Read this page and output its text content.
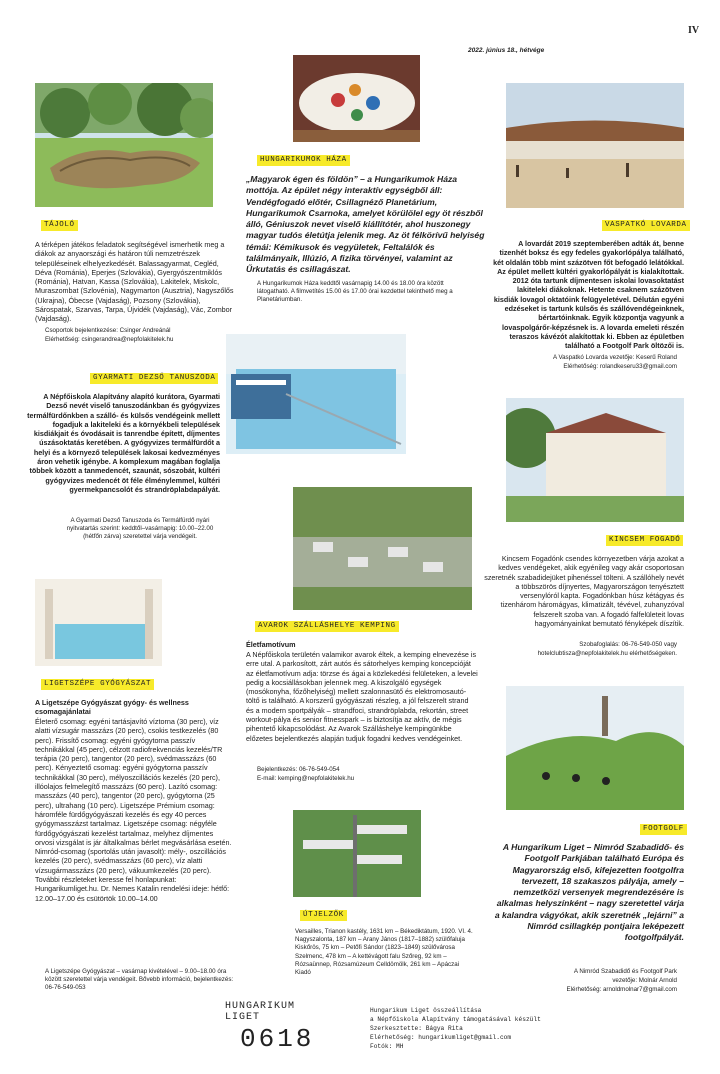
IV
2022. június 18., hétvége
TÁJOLÓ
A térképen játékos feladatok segítségével ismerhetik meg a diákok az anyaországi és határon túli nemzetrészek településeinek elhelyezkedését. Balassagyarmat, Cegléd, Déva (Románia), Eperjes (Szlovákia), Gyergyószentmiklós (Románia), Hatvan, Kassa (Szlovákia), Lakitelek, Miskolc, Muraszombat (Szlovénia), Nagymarton (Ausztria), Nagyszőlős (Ukrajna), Óbecse (Vajdaság), Pozsony (Szlovákia), Sárospatak, Szarvas, Tarpa, Újvidék (Vajdaság), Vác, Zombor (Vajdaság).
Csoportok bejelentkezése: Csinger Andreánál
Elérhetőség: csingerandrea@nepfolakitelek.hu
HUNGARIKUMOK HÁZA
„Magyarok égen és földön” – a Hungarikumok Háza mottója. Az épület négy interaktív egységből áll: Vendégfogadó előtér, Csillagnéző Planetárium, Hungarikumok Csarnoka, amelyet körülölel egy öt részből álló, Géniuszok nevet viselő kiállítótér, ahol huszonegy magyar tudós életútja jelenik meg. Az öt félkörívű helyiség témái: Kémikusok és vegyületek, Feltalálók és találmányaik, Illúzió, A fizika törvényei, valamint az Űrkutatás és csillagászat.
A Hungarikumok Háza keddtől vasárnapig 14.00 és 18.00 óra között látogatható. A filmvetítés 15.00 és 17.00 órai kezdettel tekinthető meg a Planetáriumban.
VASPATKÓ LOVARDA
A lovardát 2019 szeptemberében adták át, benne tizenhét boksz és egy fedeles gyakorlópálya található, két oldalán több mint százötven főt befogadó lelátókkal. Az épület mellett kültéri gyakorlópályát is kialakítottak. 2012 óta tartunk díjmentesen iskolai lovasoktatást lakiteleki diákoknak. Hetente csaknem százötven kisdiák lovagol oktatóink felügyeletével. Délután egyéni edzéseket is tartunk külsős és szállóvendégeinknek, bértartóinknak. Egyik központja vagyunk a lovaspolgárőr-képzésnek is. A lovarda emeleti részén teraszos kávézót alakítottak ki. Ebben az épületben található a Footgolf Park öltözői is.
A Vaspatkó Lovarda vezetője: Keserű Roland
Elérhetőség: rolandkeseru33@gmail.com
GYARMATI DEZSŐ TANUSZODA
A Népfőiskola Alapítvány alapító kurátora, Gyarmati Dezső nevét viselő tanuszodánkban és gyógyvizes termálfürdőnkben a szálló- és külsős vendégeink mellett fogadjuk a lakiteleki és a környékbeli települések kisdiákjait és óvodásait is tanrendbe épített, díjmentes úszásoktatás keretében. A gyógyvizes termálfürdőt a helyi és a környező települések lakosai kedvezményes áron vehetik igénybe. A komplexum magában foglalja többek között a tanmedencét, szaunát, sószobát, kültéri gyógyvizes medencét öt féle élménylemmel, kültéri gyermekpancsolót és strandröplabdapályát.
A Gyarmati Dezső Tanuszoda és Termálfürdő nyári nyitvatartás szerint: keddtől–vasárnapig: 10.00–22.00 (hétfőn zárva) szeretettel várja vendégeit.	KINCSEM FOGADÓ
Kincsem Fogadónk csendes környezetben várja azokat a kedves vendégeket, akik egyénileg vagy akár csoportosan szeretnék szabadidejüket pihenéssel tölteni. A szállóhely nevét a többszörös díjnyertes, Magyarországon tenyésztett versenylóról kapta. Fogadónkban húsz kétágyas és tizenhárom háromágyas, klimatizált, tévével, zuhanyzóval felszerelt szoba van. A fogadó falfelületeit lovas hagyományainkat bemutató fényképek díszítik.
Szobafoglalás: 06-76-549-050 vagy
hotelclubtisza@nepfolakitelek.hu elérhetőségeken.
AVAROK SZÁLLÁSHELYE KEMPING
Életfamotívum
A Népfőiskola területén valamikor avarok éltek, a kemping elnevezése is erre utal. A parkosított, zárt autós és sátorhelyes kemping koncepcióját az életfamotívum adja: törzse és ágai a közlekedési felületeken, a levelei pedig a kocsiállásokban jelennek meg. A kiszolgáló egységek (mosókonyha, főzőhelyiség) mellett szalonnasütő és elektromosautó-töltő is található. A korszerű gyógyászati részleg, a jól felszerelt strand és a modern sportpályák – strandfoci, strandröplabda, rekortán, street workout-pálya és senior fitnesspark – is biztosítja az aktív, de mégis pihentető kikapcsolódást. Az Avarok Szálláshelye kempingünkbe előzetes bejelentkezés alapján tudjuk fogadni kedves vendégeinket.
Bejelentkezés: 06-76-549-054
E-mail: kemping@nepfolakitelek.hu
LIGETSZÉPE GYÓGYÁSZAT
A Ligetszépe Gyógyászat gyógy- és wellness csomagajánlatai
Életerő csomag: egyéni tartásjavító víztorna (30 perc), víz alatti vízsugár masszázs (20 perc), csokis testkezelés (80 perc). Frissítő csomag: egyéni gyógytorna passzív technikákkal (45 perc), célzott radiofrekvenciás kezelés/TR terápia (20 perc), tangentor (20 perc), svédmasszázs (60 perc). Kényeztető csomag: egyéni gyógytorna passzív technikákkal (30 perc), mélyoszcillációs kezelés (20 perc), illóolajos felmelegítő masszázs (60 perc). Lazító csomag: masszázs (40 perc), tangentor (20 perc), gyógytorna (25 perc), ultrahang (10 perc). Ligetszépe Prémium csomag: háromféle fürdőgyógyászati kezelés és egy 40 perces gyógymasszázst tartalmaz. Ligetszépe csomag: négyféle fürdőgyógyászati kezelést tartalmaz, melyhez díjmentes orvosi vizsgálat is jár általkalmas bérlet megvásárlása esetén. Nimród-csomag (sportolás után javasolt): mély-, oszcillációs kezelés (20 perc), svédmasszázs (60 perc), víz alatti vízsugármasszázs (20 perc), vákuumkezelés (20 perc). További részleteket keresse fel honlapunkat: Hungarikumliget.hu. Dr. Nemes Katalin rendelési ideje: hétfő: 12.00–17.00 és csütörtök 10.00–14.00
A Ligetszépe Gyógyászat – vasárnap kivételével – 9.00–18.00 óra között szeretettel várja vendégeit. Bővebb információ, bejelentkezés: 06-76-549-053
ÚTJELZŐK
Versailles, Trianon kastély, 1631 km – Békediktátum, 1920. VI. 4. Nagyszalonta, 187 km – Arany János (1817–1882) szülőfaluja Kiskőrös, 75 km – Petőfi Sándor (1823–1849) szülővárosa Szelmenc, 478 km – A kettévágott falu Szőreg, 92 km – Rózsaünnep, Rózsamúzeum Celldömölk, 261 km – Apáczai Kiadó
FOOTGOLF
A Hungarikum Liget – Nimród Szabadidő- és Footgolf Parkjában található Európa és Magyarország első, kifejezetten footgolfra tervezett, 18 szakaszos pályája, amely – nemzetközi versenyek megrendezésére is alkalmas helyszínként – nagy szeretettel várja a kalandra vágyókat, akik szeretnék „lejárni” a Nimród csillagkép pontjaira leképezett footgolfpályát.
A Nimród Szabadidő és Footgolf Park
vezetője: Molnár Arnold
Elérhetőség: arnoldmolnar7@gmail.com
HUNGARIKUM
LIGET
0618
Hungarikum Liget összeállítása
a Népfőiskola Alapítvány támogatásával készült
Szerkesztette: Bágya Rita
Elérhetőség: hungarikumliget@gmail.com
Fotók: MH
